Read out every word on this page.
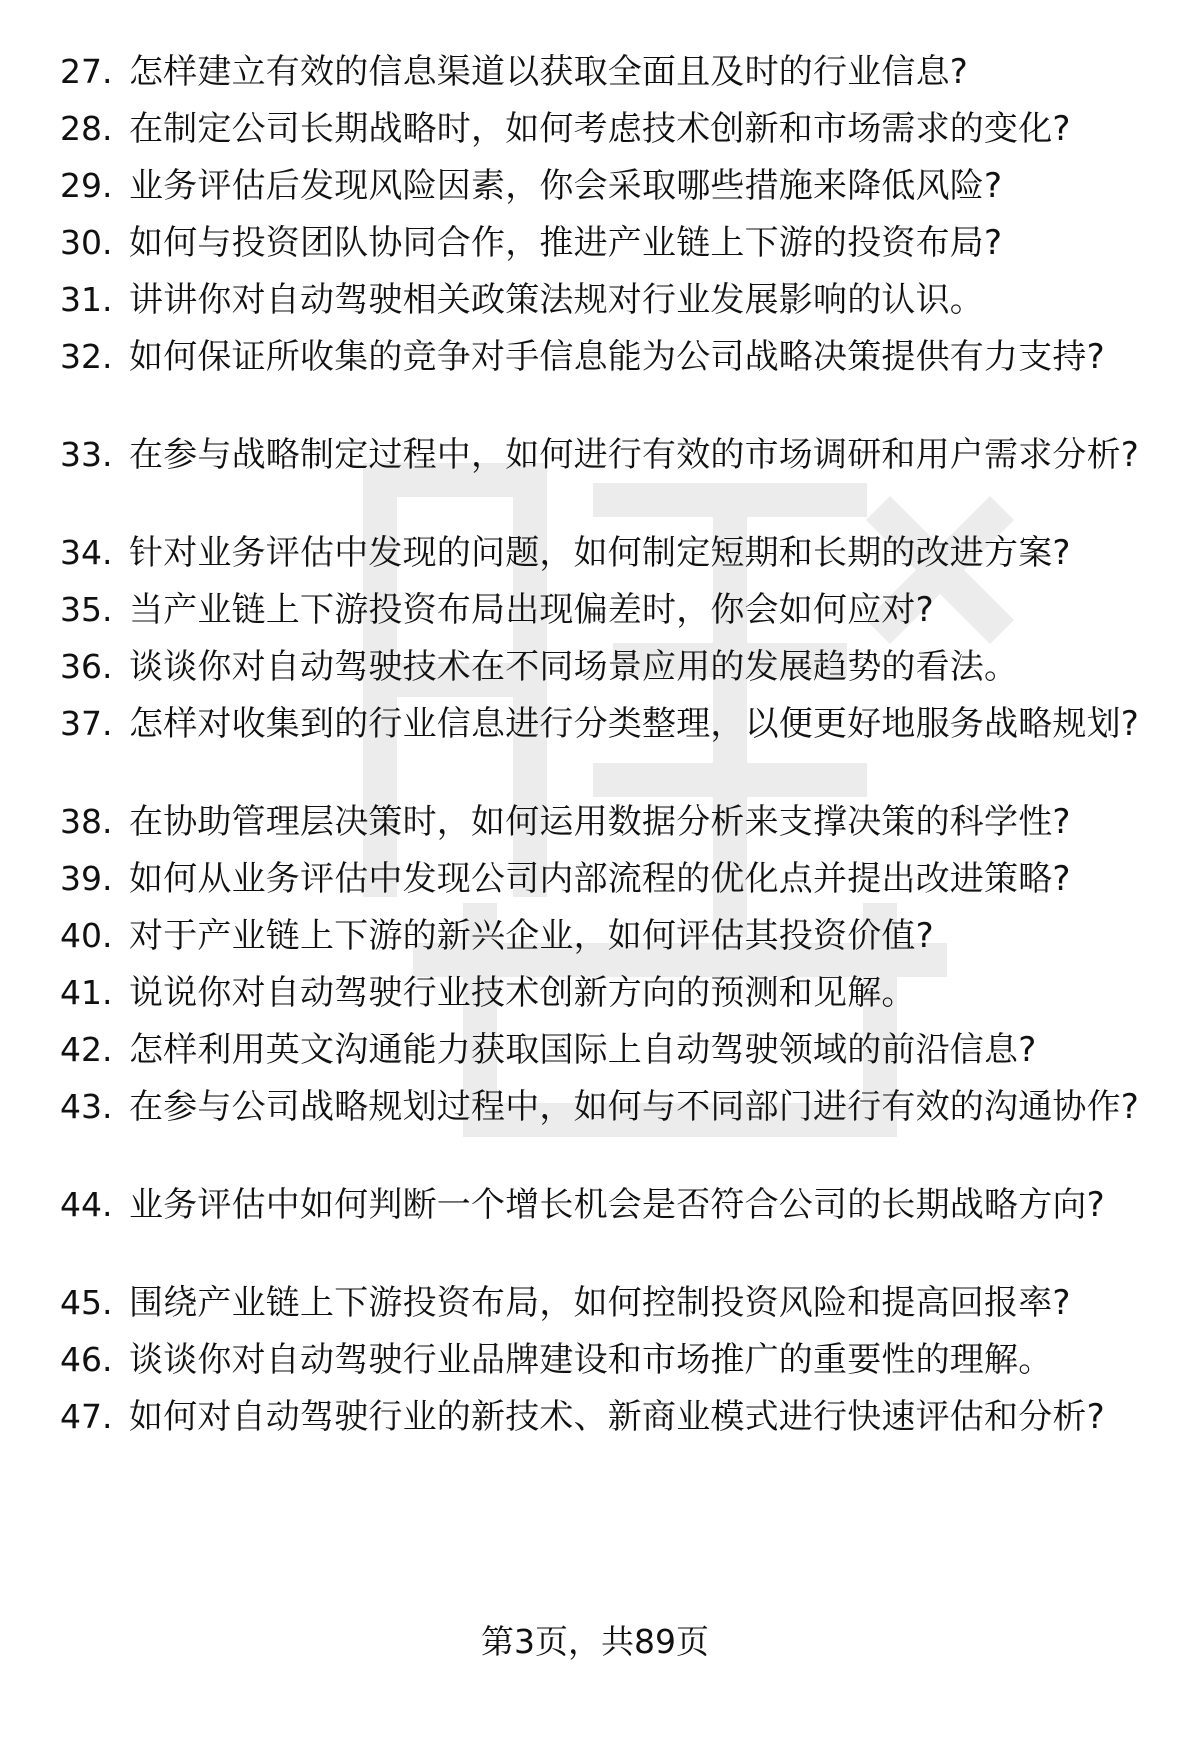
27. 怎样建立有效的信息渠道以获取全面且及时的行业信息?
28. 在制定公司长期战略时，如何考虑技术创新和市场需求的变化?
29. 业务评估后发现风险因素，你会采取哪些措施来降低风险?
30. 如何与投资团队协同合作，推进产业链上下游的投资布局?
31. 讲讲你对自动驾驶相关政策法规对行业发展影响的认识。
32. 如何保证所收集的竞争对手信息能为公司战略决策提供有力支持?
33. 在参与战略制定过程中，如何进行有效的市场调研和用户需求分析?
34. 针对业务评估中发现的问题，如何制定短期和长期的改进方案?
35. 当产业链上下游投资布局出现偏差时，你会如何应对?
36. 谈谈你对自动驾驶技术在不同场景应用的发展趋势的看法。
37. 怎样对收集到的行业信息进行分类整理，以便更好地服务战略规划?
38. 在协助管理层决策时，如何运用数据分析来支撑决策的科学性?
39. 如何从业务评估中发现公司内部流程的优化点并提出改进策略?
40. 对于产业链上下游的新兴企业，如何评估其投资价值?
41. 说说你对自动驾驶行业技术创新方向的预测和见解。
42. 怎样利用英文沟通能力获取国际上自动驾驶领域的前沿信息?
43. 在参与公司战略规划过程中，如何与不同部门进行有效的沟通协作?
44. 业务评估中如何判断一个增长机会是否符合公司的长期战略方向?
45. 围绕产业链上下游投资布局，如何控制投资风险和提高回报率?
46. 谈谈你对自动驾驶行业品牌建设和市场推广的重要性的理解。
47. 如何对自动驾驶行业的新技术、新商业模式进行快速评估和分析?
第3页，共89页
